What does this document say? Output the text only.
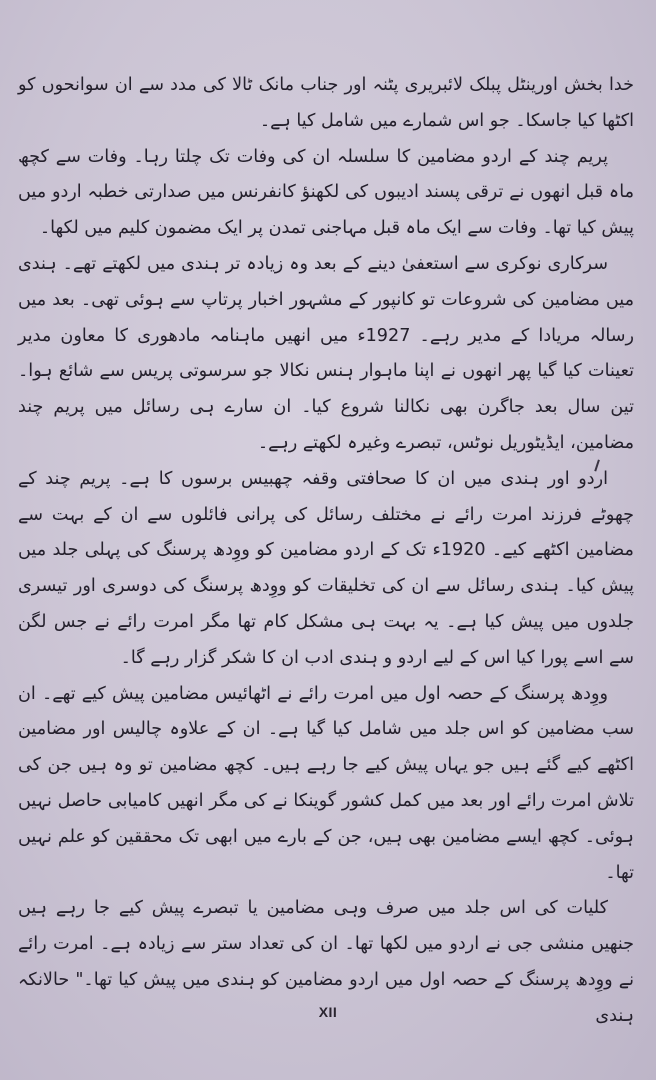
خدا بخش اورینٹل پبلک لائبریری پٹنہ اور جناب مانک ٹالا کی مدد سے ان سوانحوں کو اکٹھا کیا جاسکا۔ جو اس شمارے میں شامل کیا ہے۔

پریم چند کے اردو مضامین کا سلسلہ ان کی وفات تک چلتا رہا۔ وفات سے کچھ ماہ قبل انھوں نے ترقی پسند ادیبوں کی لکھنؤ کانفرنس میں صدارتی خطبہ اردو میں پیش کیا تھا۔ وفات سے ایک ماہ قبل مہاجنی تمدن پر ایک مضمون کلیم میں لکھا۔

سرکاری نوکری سے استعفیٰ دینے کے بعد وہ زیادہ تر ہندی میں لکھتے تھے۔ ہندی میں مضامین کی شروعات تو کانپور کے مشہور اخبار پرتاپ سے ہوئی تھی۔ بعد میں رسالہ مریادا کے مدیر رہے۔ 1927ء میں انھیں ماہنامہ مادھوری کا معاون مدیر تعینات کیا گیا پھر انھوں نے اپنا ماہوار ہنس نکالا جو سرسوتی پریس سے شائع ہوا۔ تین سال بعد جاگرن بھی نکالنا شروع کیا۔ ان سارے ہی رسائل میں پریم چند مضامین، ایڈیٹوریل نوٹس، تبصرے وغیرہ لکھتے رہے۔

اردو اور ہندی میں ان کا صحافتی وقفہ چھبیس برسوں کا ہے۔ پریم چند کے چھوٹے فرزند امرت رائے نے مختلف رسائل کی پرانی فائلوں سے ان کے بہت سے مضامین اکٹھے کیے۔ 1920ء تک کے اردو مضامین کو ووِدھ پرسنگ کی پہلی جلد میں پیش کیا۔ ہندی رسائل سے ان کی تخلیقات کو ووِدھ پرسنگ کی دوسری اور تیسری جلدوں میں پیش کیا ہے۔ یہ بہت ہی مشکل کام تھا مگر امرت رائے نے جس لگن سے اسے پورا کیا اس کے لیے اردو و ہندی ادب ان کا شکر گزار رہے گا۔

ووِدھ پرسنگ کے حصہ اول میں امرت رائے نے اٹھائیس مضامین پیش کیے تھے۔ ان سب مضامین کو اس جلد میں شامل کیا گیا ہے۔ ان کے علاوہ چالیس اور مضامین اکٹھے کیے گئے ہیں جو یہاں پیش کیے جا رہے ہیں۔ کچھ مضامین تو وہ ہیں جن کی تلاش امرت رائے اور بعد میں کمل کشور گوینکا نے کی مگر انھیں کامیابی حاصل نہیں ہوئی۔ کچھ ایسے مضامین بھی ہیں، جن کے بارے میں ابھی تک محققین کو علم نہیں تھا۔

کلیات کی اس جلد میں صرف وہی مضامین یا تبصرے پیش کیے جا رہے ہیں جنھیں منشی جی نے اردو میں لکھا تھا۔ ان کی تعداد ستر سے زیادہ ہے۔ امرت رائے نے ووِدھ پرسنگ کے حصہ اول میں اردو مضامین کو ہندی میں پیش کیا تھا۔" حالانکہ ہندی

XII
